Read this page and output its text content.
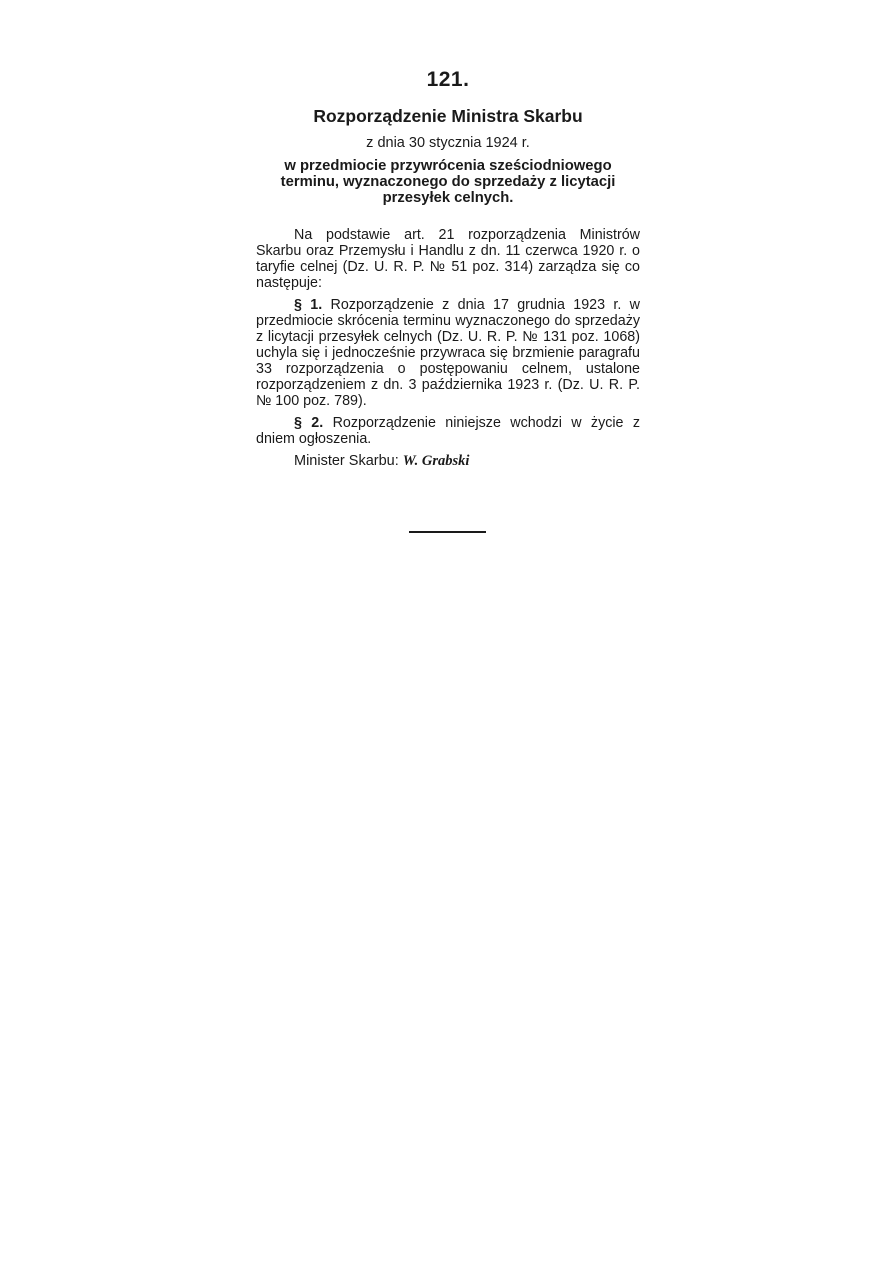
121.
Rozporządzenie Ministra Skarbu
z dnia 30 stycznia 1924 r.
w przedmiocie przywrócenia sześciodniowego terminu, wyznaczonego do sprzedaży z licytacji przesyłek celnych.

Na podstawie art. 21 rozporządzenia Ministrów Skarbu oraz Przemysłu i Handlu z dn. 11 czerwca 1920 r. o taryfie celnej (Dz. U. R. P. № 51 poz. 314) zarządza się co następuje:

§ 1. Rozporządzenie z dnia 17 grudnia 1923 r. w przedmiocie skrócenia terminu wyznaczonego do sprzedaży z licytacji przesyłek celnych (Dz. U. R. P. № 131 poz. 1068) uchyla się i jednocześnie przywraca się brzmienie paragrafu 33 rozporządzenia o postępowaniu celnem, ustalone rozporządzeniem z dn. 3 października 1923 r. (Dz. U. R. P. № 100 poz. 789).

§ 2. Rozporządzenie niniejsze wchodzi w życie z dniem ogłoszenia.

Minister Skarbu: W. Grabski
